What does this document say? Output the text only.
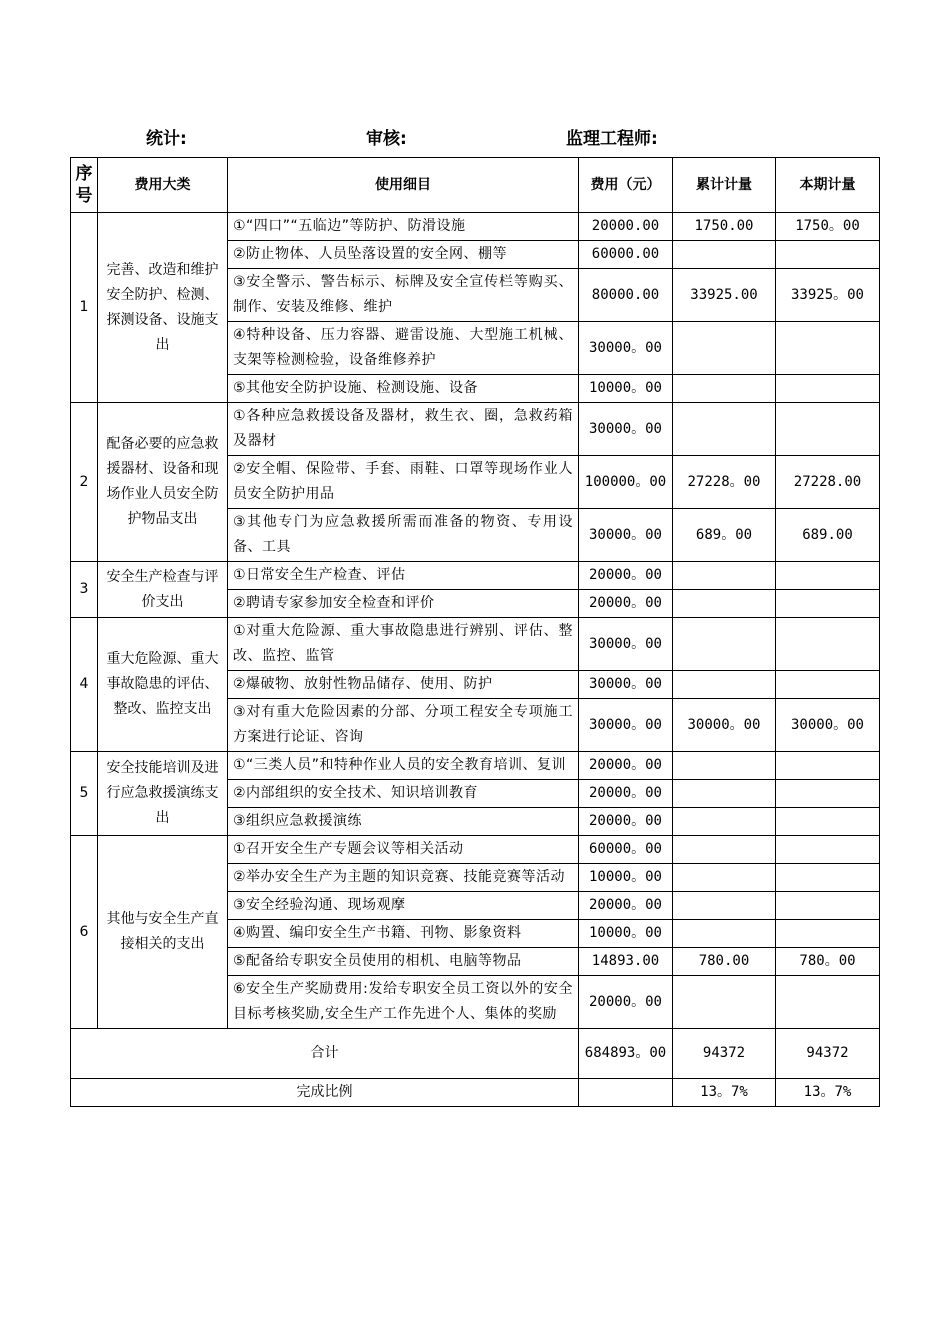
统计:	审核:	监理工程师:
序号	费用大类	使用细目	费用（元）	累计计量	本期计量
1	完善、改造和维护安全防护、检测、探测设备、设施支出	①“四口”“五临边”等防护、防滑设施	20000.00	1750.00	1750。00
		②防止物体、人员坠落设置的安全网、棚等	60000.00		
		③安全警示、警告标示、标牌及安全宣传栏等购买、制作、安装及维修、维护	80000.00	33925.00	33925。00
		④特种设备、压力容器、避雷设施、大型施工机械、支架等检测检验，设备维修养护	30000。00		
		⑤其他安全防护设施、检测设施、设备	10000。00		
2	配备必要的应急救援器材、设备和现场作业人员安全防护物品支出	①各种应急救援设备及器材，救生衣、圈，急救药箱及器材	30000。00		
		②安全帽、保险带、手套、雨鞋、口罩等现场作业人员安全防护用品	100000。00	27228。00	27228.00
		③其他专门为应急救援所需而准备的物资、专用设备、工具	30000。00	689。00	689.00
3	安全生产检查与评价支出	①日常安全生产检查、评估	20000。00		
		②聘请专家参加安全检查和评价	20000。00		
4	重大危险源、重大事故隐患的评估、整改、监控支出	①对重大危险源、重大事故隐患进行辨别、评估、整改、监控、监管	30000。00		
		②爆破物、放射性物品储存、使用、防护	30000。00		
		③对有重大危险因素的分部、分项工程安全专项施工方案进行论证、咨询	30000。00	30000。00	30000。00
5	安全技能培训及进行应急救援演练支出	①“三类人员”和特种作业人员的安全教育培训、复训	20000。00		
		②内部组织的安全技术、知识培训教育	20000。00		
		③组织应急救援演练	20000。00		
6	其他与安全生产直接相关的支出	①召开安全生产专题会议等相关活动	60000。00		
		②举办安全生产为主题的知识竞赛、技能竞赛等活动	10000。00		
		③安全经验沟通、现场观摩	20000。00		
		④购置、编印安全生产书籍、刊物、影象资料	10000。00		
		⑤配备给专职安全员使用的相机、电脑等物品	14893.00	780.00	780。00
		⑥安全生产奖励费用:发给专职安全员工资以外的安全目标考核奖励,安全生产工作先进个人、集体的奖励	20000。00		
合计			684893。00	94372	94372
完成比例				13。7%	13。7%
